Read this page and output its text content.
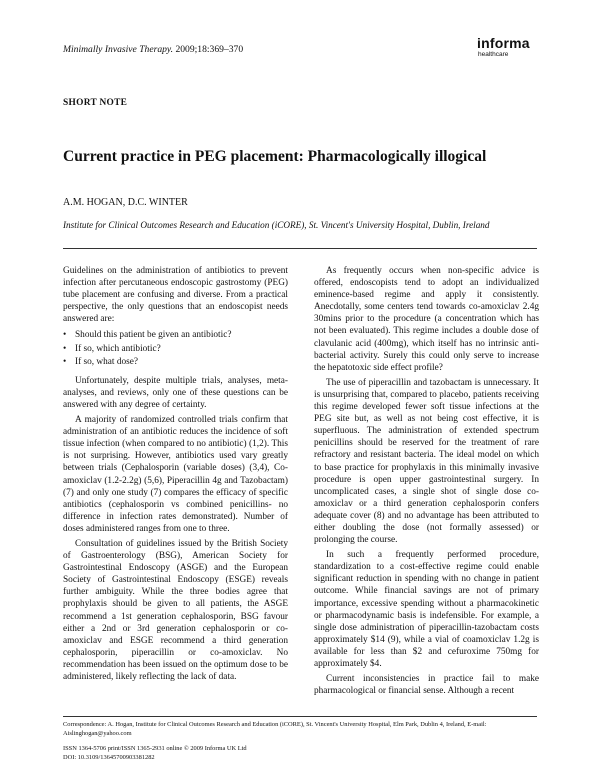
Minimally Invasive Therapy. 2009;18:369–370	informa
healthcare
SHORT NOTE
Current practice in PEG placement: Pharmacologically illogical
A.M. HOGAN, D.C. WINTER
Institute for Clinical Outcomes Research and Education (iCORE), St. Vincent's University Hospital, Dublin, Ireland

Guidelines on the administration of antibiotics to prevent infection after percutaneous endoscopic gastrostomy (PEG) tube placement are confusing and diverse. From a practical perspective, the only questions that an endoscopist needs answered are:

• Should this patient be given an antibiotic?
• If so, which antibiotic?
• If so, what dose?

Unfortunately, despite multiple trials, analyses, meta-analyses, and reviews, only one of these questions can be answered with any degree of certainty.

A majority of randomized controlled trials confirm that administration of an antibiotic reduces the incidence of soft tissue infection (when compared to no antibiotic) (1,2). This is not surprising. However, antibiotics used vary greatly between trials (Cephalosporin (variable doses) (3,4), Co-amoxiclav (1.2-2.2g) (5,6), Piperacillin 4g and Tazobactam) (7) and only one study (7) compares the efficacy of specific antibiotics (cephalosporin vs combined penicillins- no difference in infection rates demonstrated). Number of doses administered ranges from one to three.

Consultation of guidelines issued by the British Society of Gastroenterology (BSG), American Society for Gastrointestinal Endoscopy (ASGE) and the European Society of Gastrointestinal Endoscopy (ESGE) reveals further ambiguity. While the three bodies agree that prophylaxis should be given to all patients, the ASGE recommend a 1st generation cephalosporin, BSG favour either a 2nd or 3rd generation cephalosporin or co-amoxiclav and ESGE recommend a third generation cephalosporin, piperacillin or co-amoxiclav. No recommendation has been issued on the optimum dose to be administered, likely reflecting the lack of data.

As frequently occurs when non-specific advice is offered, endoscopists tend to adopt an individualized eminence-based regime and apply it consistently. Anecdotally, some centers tend towards co-amoxiclav 2.4g 30mins prior to the procedure (a concentration which has not been evaluated). This regime includes a double dose of clavulanic acid (400mg), which itself has no intrinsic anti-bacterial activity. Surely this could only serve to increase the hepatotoxic side effect profile?

The use of piperacillin and tazobactam is unnecessary. It is unsurprising that, compared to placebo, patients receiving this regime developed fewer soft tissue infections at the PEG site but, as well as not being cost effective, it is superfluous. The administration of extended spectrum penicillins should be reserved for the treatment of rare refractory and resistant bacteria. The ideal model on which to base practice for prophylaxis in this minimally invasive procedure is open upper gastrointestinal surgery. In uncomplicated cases, a single shot of single dose co-amoxiclav or a third generation cephalosporin confers adequate cover (8) and no advantage has been attributed to either doubling the dose (not formally assessed) or prolonging the course.

In such a frequently performed procedure, standardization to a cost-effective regime could enable significant reduction in spending with no change in patient outcome. While financial savings are not of primary importance, excessive spending without a pharmacokinetic or pharmacodynamic basis is indefensible. For example, a single dose administration of piperacillin-tazobactam costs approximately $14 (9), while a vial of coamoxiclav 1.2g is available for less than $2 and cefuroxime 750mg for approximately $4.

Current inconsistencies in practice fail to make pharmacological or financial sense. Although a recent

Correspondence: A. Hogan, Institute for Clinical Outcomes Research and Education (iCORE), St. Vincent's University Hospital, Elm Park, Dublin 4, Ireland, E-mail: Aislinghogan@yahoo.com
ISSN 1364-5706 print/ISSN 1365-2931 online © 2009 Informa UK Ltd
DOI: 10.3109/13645700903381282
